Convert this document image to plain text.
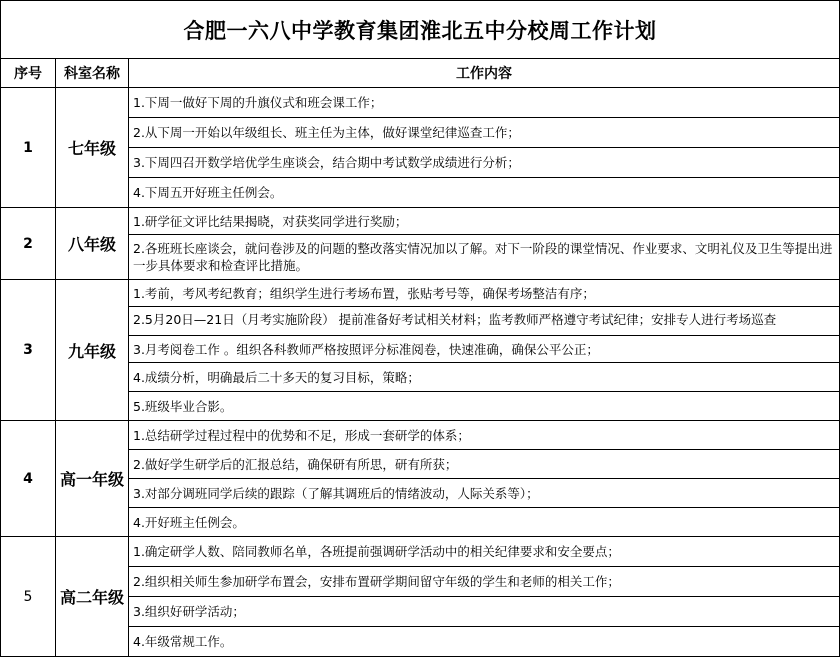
合肥一六八中学教育集团淮北五中分校周工作计划		
序号	科室名称	工作内容
1	七年级	1.下周一做好下周的升旗仪式和班会课工作；
		2.从下周一开始以年级组长、班主任为主体，做好课堂纪律巡查工作；
		3.下周四召开数学培优学生座谈会，结合期中考试数学成绩进行分析；
		4.下周五开好班主任例会。
2	八年级	1.研学征文评比结果揭晓，对获奖同学进行奖励；
		2.各班班长座谈会，就问卷涉及的问题的整改落实情况加以了解。对下一阶段的课堂情况、作业要求、文明礼仪及卫生等提出进一步具体要求和检查评比措施。
3	九年级	1.考前，考风考纪教育；组织学生进行考场布置，张贴考号等，确保考场整洁有序；

		2.5月20日—21日（月考实施阶段） 提前准备好考试相关材料；监考教师严格遵守考试纪律；安排专人进行考场巡查

		3.月考阅卷工作 。组织各科教师严格按照评分标准阅卷，快速准确，确保公平公正；
		4.成绩分析，明确最后二十多天的复习目标，策略；
		5.班级毕业合影。
4	高一年级	1.总结研学过程过程中的优势和不足，形成一套研学的体系；
		2.做好学生研学后的汇报总结，确保研有所思，研有所获；
		3.对部分调班同学后续的跟踪（了解其调班后的情绪波动，人际关系等）；
		4.开好班主任例会。
5	高二年级	1.确定研学人数、陪同教师名单，各班提前强调研学活动中的相关纪律要求和安全要点；
		2.组织相关师生参加研学布置会，安排布置研学期间留守年级的学生和老师的相关工作；
		3.组织好研学活动；
		4.年级常规工作。
